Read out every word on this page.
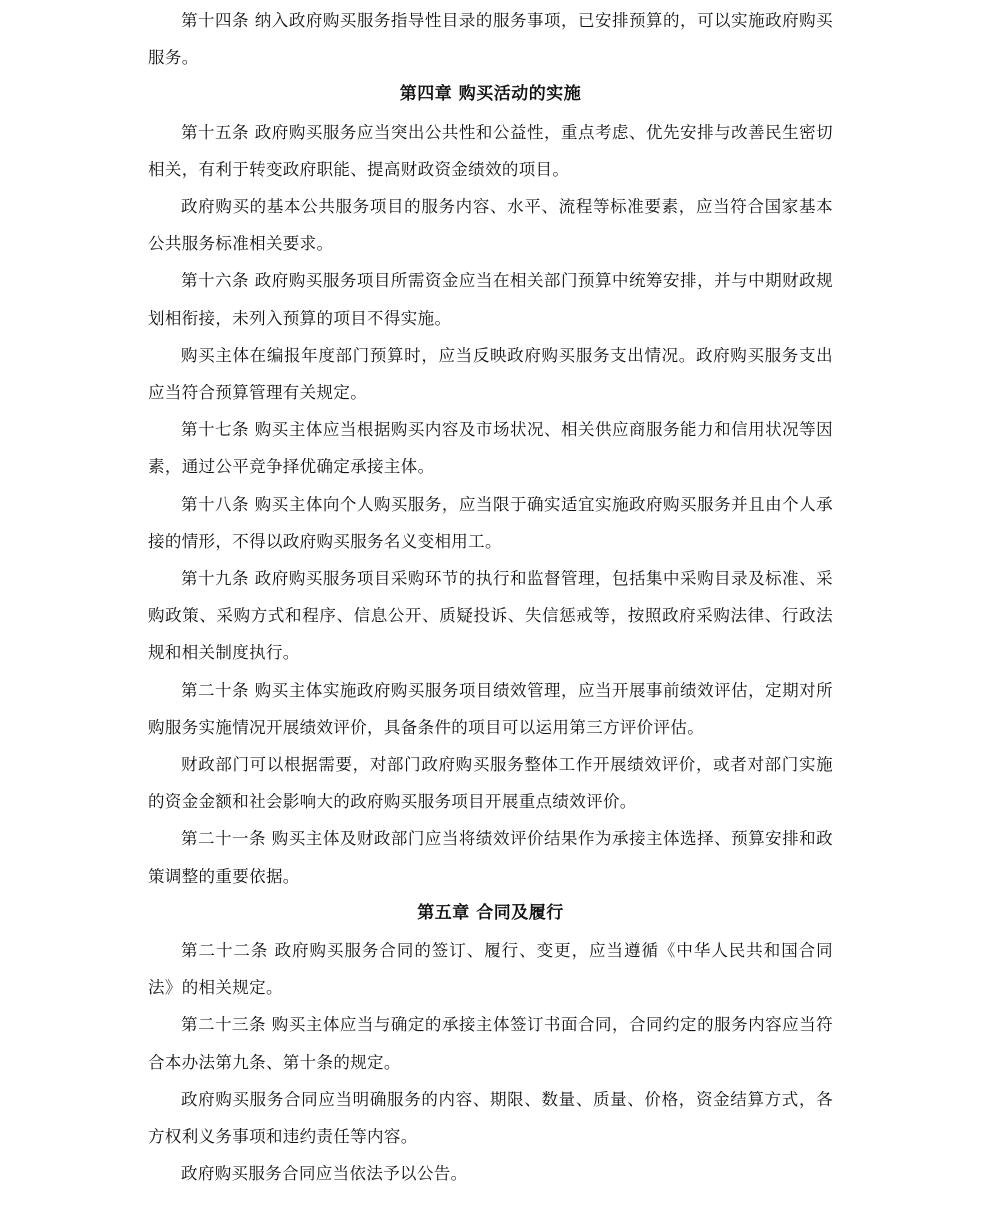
第十四条 纳入政府购买服务指导性目录的服务事项，已安排预算的，可以实施政府购买服务。

第四章 购买活动的实施

第十五条 政府购买服务应当突出公共性和公益性，重点考虑、优先安排与改善民生密切相关，有利于转变政府职能、提高财政资金绩效的项目。

政府购买的基本公共服务项目的服务内容、水平、流程等标准要素，应当符合国家基本公共服务标准相关要求。

第十六条 政府购买服务项目所需资金应当在相关部门预算中统筹安排，并与中期财政规划相衔接，未列入预算的项目不得实施。

购买主体在编报年度部门预算时，应当反映政府购买服务支出情况。政府购买服务支出应当符合预算管理有关规定。

第十七条 购买主体应当根据购买内容及市场状况、相关供应商服务能力和信用状况等因素，通过公平竞争择优确定承接主体。

第十八条 购买主体向个人购买服务，应当限于确实适宜实施政府购买服务并且由个人承接的情形，不得以政府购买服务名义变相用工。

第十九条 政府购买服务项目采购环节的执行和监督管理，包括集中采购目录及标准、采购政策、采购方式和程序、信息公开、质疑投诉、失信惩戒等，按照政府采购法律、行政法规和相关制度执行。

第二十条 购买主体实施政府购买服务项目绩效管理，应当开展事前绩效评估，定期对所购服务实施情况开展绩效评价，具备条件的项目可以运用第三方评价评估。

财政部门可以根据需要，对部门政府购买服务整体工作开展绩效评价，或者对部门实施的资金金额和社会影响大的政府购买服务项目开展重点绩效评价。

第二十一条 购买主体及财政部门应当将绩效评价结果作为承接主体选择、预算安排和政策调整的重要依据。

第五章 合同及履行

第二十二条 政府购买服务合同的签订、履行、变更，应当遵循《中华人民共和国合同法》的相关规定。

第二十三条 购买主体应当与确定的承接主体签订书面合同，合同约定的服务内容应当符合本办法第九条、第十条的规定。

政府购买服务合同应当明确服务的内容、期限、数量、质量、价格，资金结算方式，各方权利义务事项和违约责任等内容。

政府购买服务合同应当依法予以公告。
